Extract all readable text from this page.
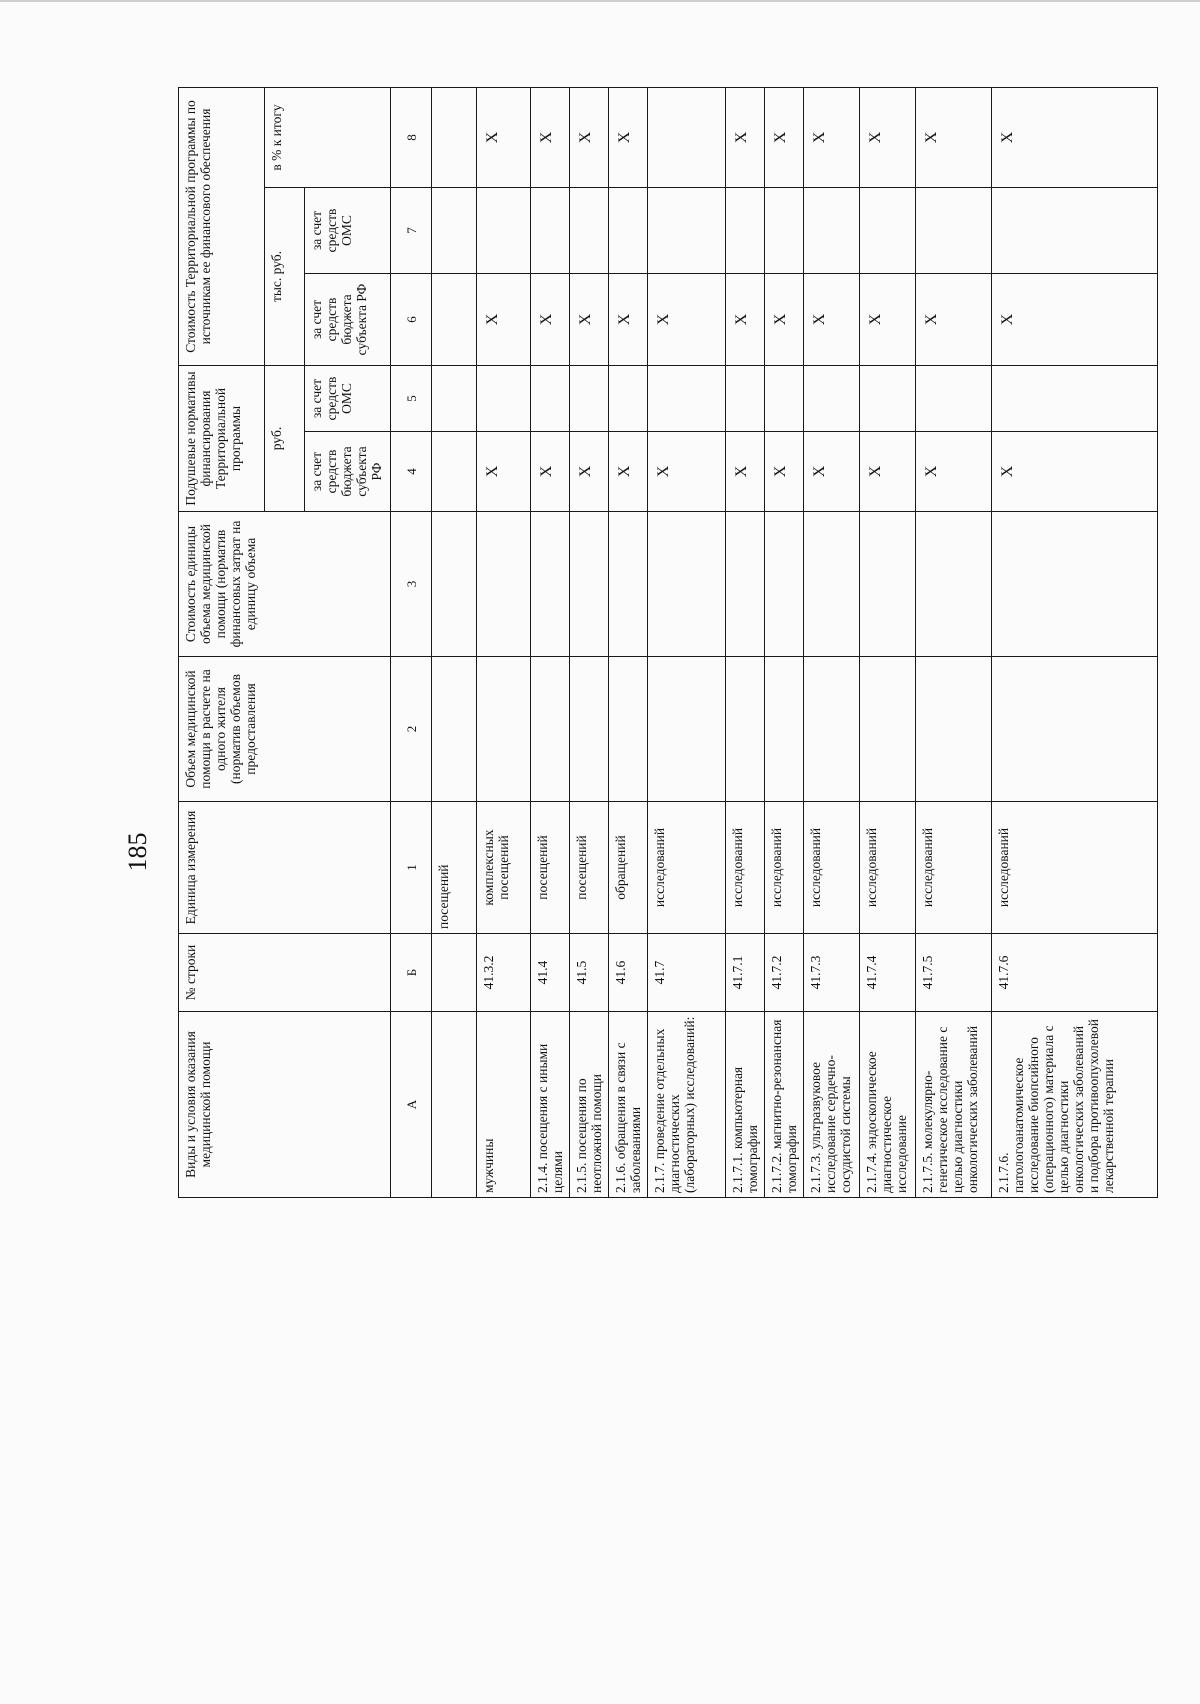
185
Виды и условия оказания медицинской помощи	№ строки	Единица измерения	Объем медицинской помощи в расчете на одного жителя (норматив объемов предоставления	Стоимость единицы объема медицинской помощи (норматив финансовых затрат на единицу объема	Подушевые нормативы финансирования Территориальной программы		Стоимость Территориальной программы по источникам ее финансового обеспечения		
					руб.		тыс. руб.		в % к итогу
					за счет средств бюджета субъекта РФ	за счет средств ОМС	за счет средств бюджета субъекта РФ	за счет средств ОМС	
А	Б	1	2	3	4	5	6	7	8
		посещений							
мужчины	41.3.2	комплексных посещений			Х		Х		Х
2.1.4. посещения с иными целями	41.4	посещений			Х		Х		Х
2.1.5. посещения по неотложной помощи	41.5	посещений			Х		Х		Х
2.1.6. обращения в связи с заболеваниями	41.6	обращений			Х		Х		Х
2.1.7. проведение отдельных диагностических (лабораторных) исследований:	41.7	исследований			Х		Х		
2.1.7.1. компьютерная томография	41.7.1	исследований			Х		Х		Х
2.1.7.2. магнитно-резонансная томография	41.7.2	исследований			Х		Х		Х
2.1.7.3. ультразвуковое исследование сердечно-сосудистой системы	41.7.3	исследований			Х		Х		Х
2.1.7.4. эндоскопическое диагностическое исследование	41.7.4	исследований			Х		Х		Х
2.1.7.5. молекулярно-генетическое исследование с целью диагностики онкологических заболеваний	41.7.5	исследований			Х		Х		Х
2.1.7.6. патологоанатомическое исследование биопсийного (операционного) материала с целью диагностики онкологических заболеваний и подбора противоопухолевой лекарственной терапии	41.7.6	исследований			Х		Х		Х
